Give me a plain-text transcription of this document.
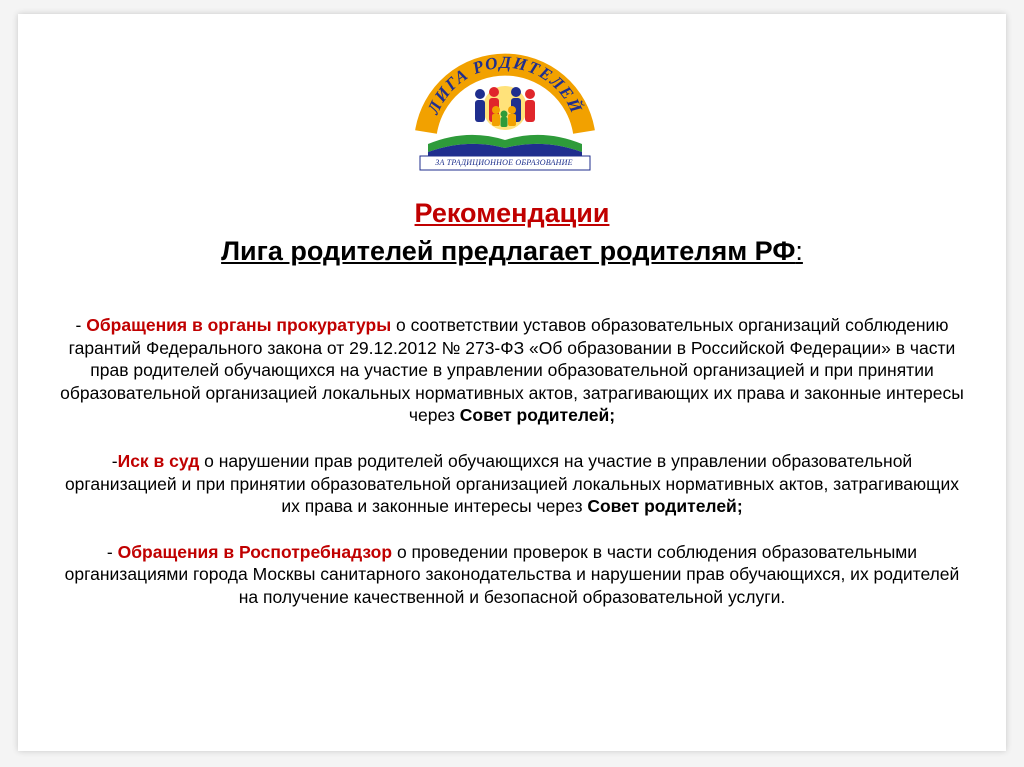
ЛИГА РОДИТЕЛЕЙ
ЗА ТРАДИЦИОННОЕ ОБРАЗОВАНИЕ
Рекомендации
Лига родителей предлагает родителям РФ:

- Обращения в органы прокуратуры о соответствии уставов образовательных организаций соблюдению гарантий Федерального закона от 29.12.2012 № 273-ФЗ «Об образовании в Российской Федерации» в части прав родителей обучающихся на участие в управлении образовательной организацией и при принятии образовательной организацией локальных нормативных актов, затрагивающих их права и законные интересы через Совет родителей;

-Иск в суд о нарушении прав родителей обучающихся на участие в управлении образовательной организацией и при принятии образовательной организацией локальных нормативных актов, затрагивающих их права и законные интересы через Совет родителей;

- Обращения в Роспотребнадзор о проведении проверок в части соблюдения образовательными организациями города Москвы санитарного законодательства и нарушении прав обучающихся, их родителей
на получение качественной и безопасной образовательной услуги.
